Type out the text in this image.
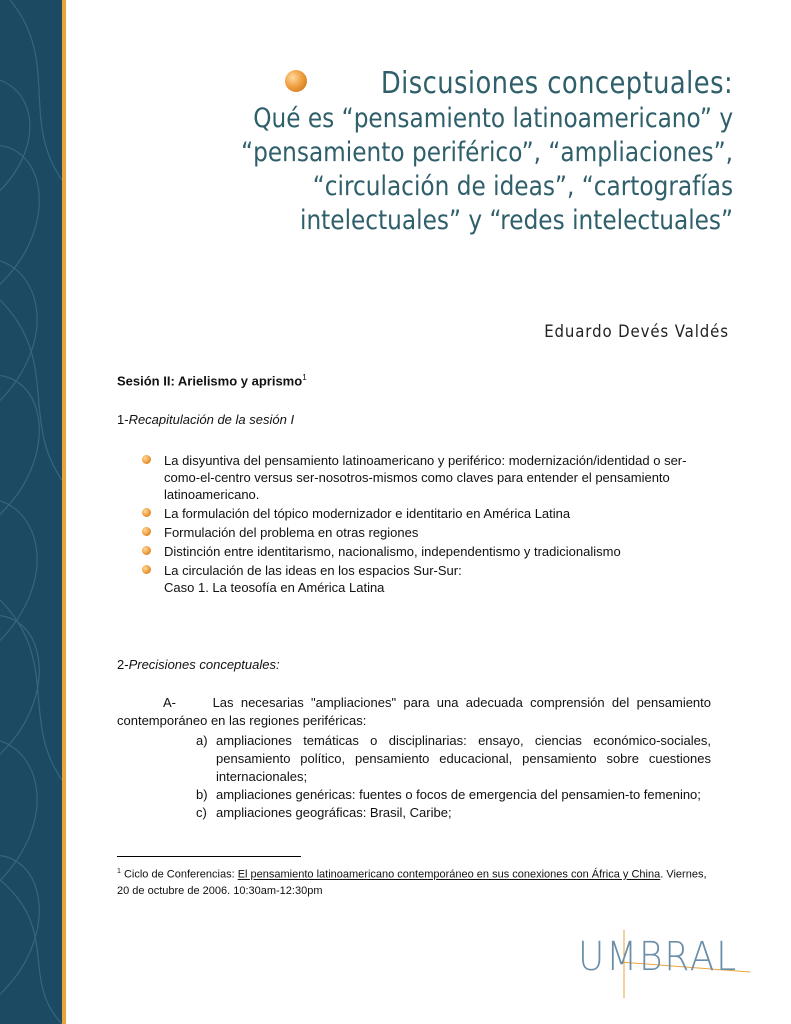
Discusiones conceptuales:
Qué es “pensamiento latinoamericano” y
“pensamiento periférico”, “ampliaciones”,
“circulación de ideas”, “cartografías
intelectuales” y “redes intelectuales”
Eduardo Devés Valdés
Sesión II: Arielismo y aprismo$^1$
1-Recapitulación de la sesión I
La disyuntiva del pensamiento latinoamericano y periférico: modernización/identidad o ser-como-el-centro versus ser-nosotros-mismos como claves para entender el pensamiento latinoamericano.
La formulación del tópico modernizador e identitario en América Latina
Formulación del problema en otras regiones
Distinción entre identitarismo, nacionalismo, independentismo y tradicionalismo
La circulación de las ideas en los espacios Sur-Sur:
Caso 1. La teosofía en América Latina
2-Precisiones conceptuales:
A-	Las necesarias "ampliaciones" para una adecuada comprensión del pensamiento contemporáneo en las regiones periféricas:
a) ampliaciones temáticas o disciplinarias: ensayo, ciencias económico-sociales, pensamiento político, pensamiento educacional, pensamiento sobre cuestiones internacionales;
b) ampliaciones genéricas: fuentes o focos de emergencia del pensamien-to femenino;
c) ampliaciones geográficas: Brasil, Caribe;
$^1$ Ciclo de Conferencias: El pensamiento latinoamericano contemporáneo en sus conexiones con África y China. Viernes, 20 de octubre de 2006. 10:30am-12:30pm
UMBRAL
